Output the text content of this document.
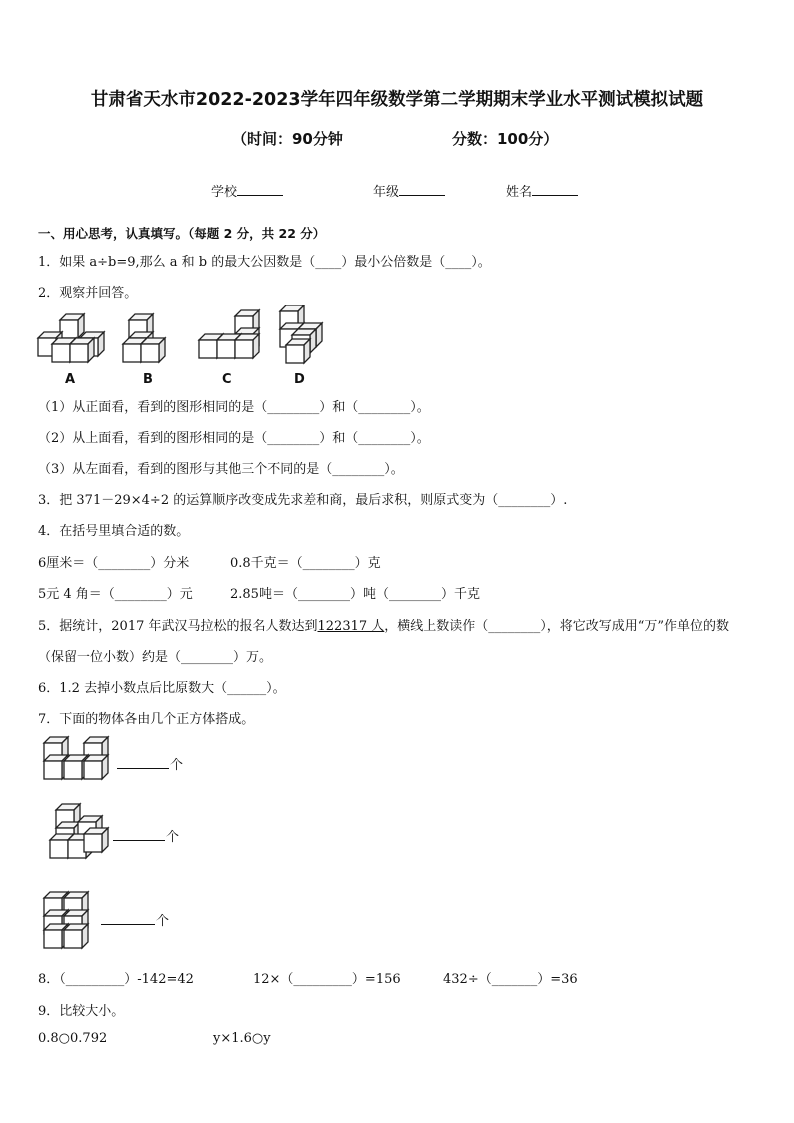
甘肃省天水市2022-2023学年四年级数学第二学期期末学业水平测试模拟试题
（时间：90分钟	分数：100分）
学校	年级	姓名
一、用心思考，认真填写。（每题 2 分，共 22 分）
1．如果 a÷b=9,那么 a 和 b 的最大公因数是（____）最小公倍数是（____）。
2．观察并回答。
A	B	C	D
（1）从正面看，看到的图形相同的是（________）和（________）。
（2）从上面看，看到的图形相同的是（________）和（________）。
（3）从左面看，看到的图形与其他三个不同的是（________）。
3．把 371－29×4÷2 的运算顺序改变成先求差和商，最后求积，则原式变为（________）.
4．在括号里填合适的数。
6厘米＝（________）分米	0.8千克＝（________）克
5元 4 角＝（________）元	2.85吨＝（________）吨（________）千克
5．据统计，2017 年武汉马拉松的报名人数达到122317 人，横线上数读作（________），将它改写成用“万”作单位的数
（保留一位小数）约是（________）万。
6．1.2 去掉小数点后比原数大（______）。
7．下面的物体各由几个正方体搭成。
个
个
个
8．（_________）-142=42	12×（_________）=156	432÷（_______）=36
9．比较大小。
0.8○0.792	y×1.6○y
